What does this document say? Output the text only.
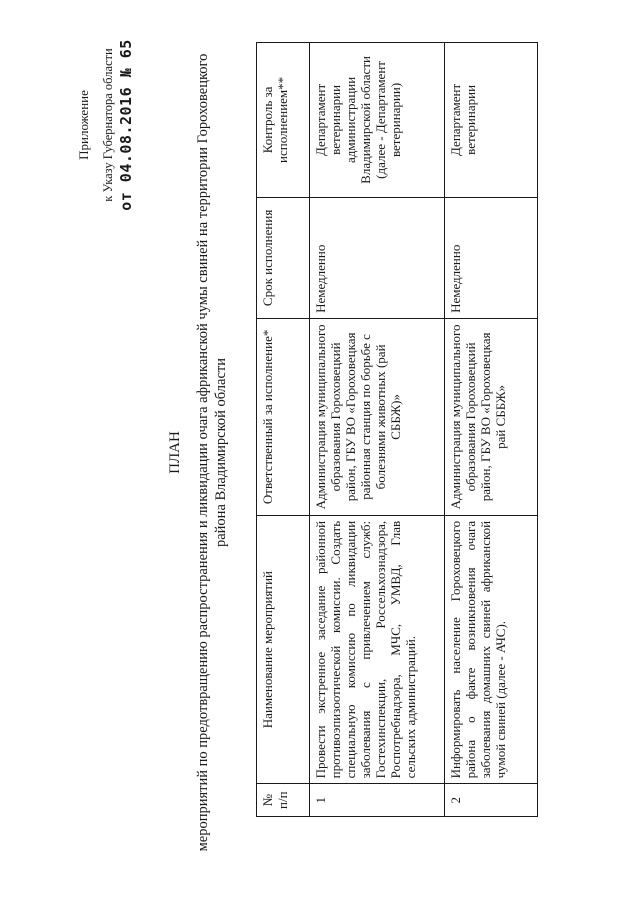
Приложение к Указу Губернатора области от 04.08.2016 № 65
ПЛАН мероприятий по предотвращению распространения и ликвидации очага африканской чумы свиней на территории Гороховецкого района Владимирской области
№ п/п	Наименование мероприятий	Ответственный за исполнение*	Срок исполнения	Контроль за исполнением**
1	Провести экстренное заседание районной противоэпизоотической комиссии. Создать специальную комиссию по ликвидации заболевания с привлечением служб: Гостехинспекции, Россельхознадзора, Роспотребнадзора, МЧС, УМВД, Глав сельских администраций.	Администрация муниципального образования Гороховецкий район, ГБУ ВО «Гороховецкая районная станция по борьбе с болезнями животных (рай СББЖ)»	Немедленно	Департамент ветеринарии администрации Владимирской области (далее - Департамент ветеринарии)
2	Информировать население Гороховецкого района о факте возникновения очага заболевания домашних свиней африканской чумой свиней (далее - АЧС).	Администрация муниципального образования Гороховецкий район, ГБУ ВО «Гороховецкая рай СББЖ»	Немедленно	Департамент ветеринарии
